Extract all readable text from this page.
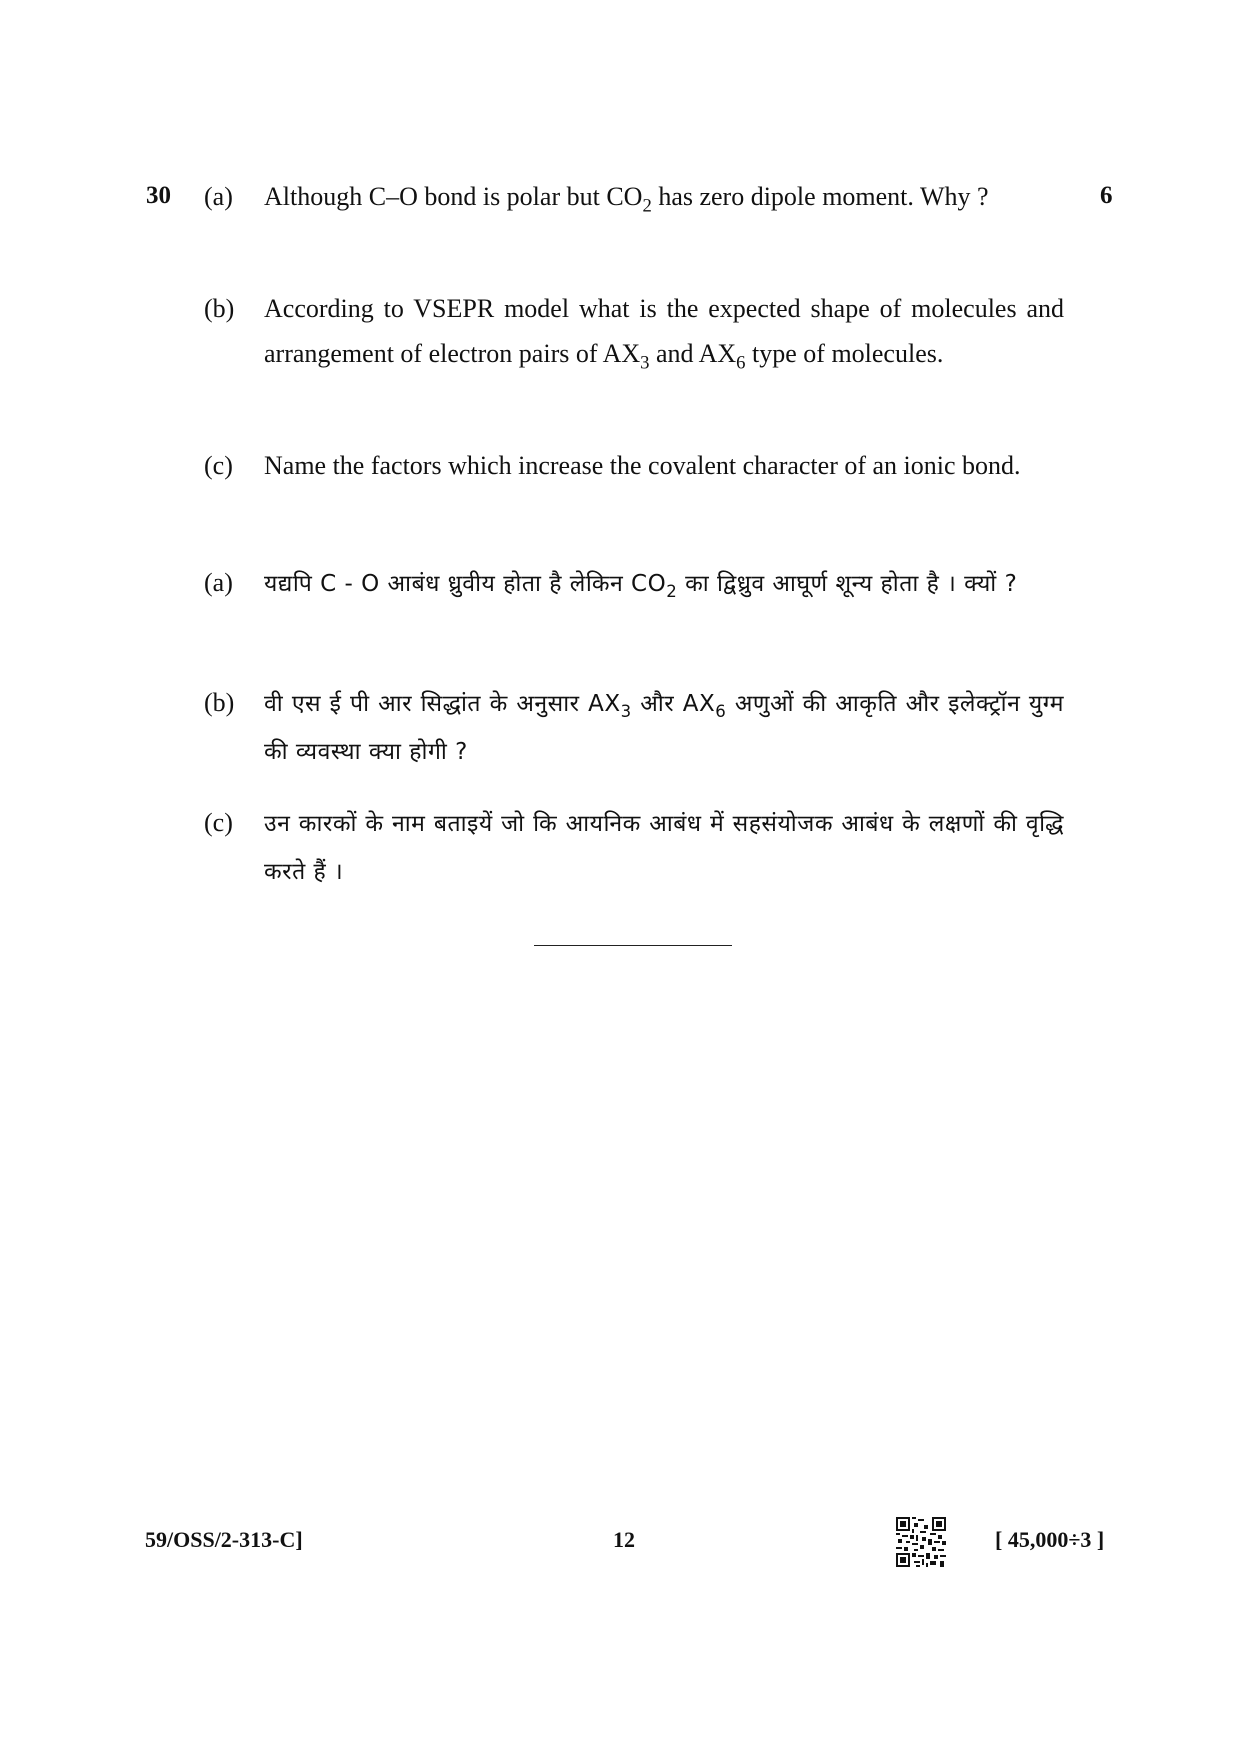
30	6
(a) Although C–O bond is polar but $CO_2$ has zero dipole moment. Why ?
(b) According to VSEPR model what is the expected shape of molecules and arrangement of electron pairs of $AX_3$ and $AX_6$ type of molecules.
(c) Name the factors which increase the covalent character of an ionic bond.
(a) यद्यपि C - O आबंध ध्रुवीय होता है लेकिन $CO_2$ का द्विध्रुव आघूर्ण शून्य होता है । क्यों ?
(b) वी एस ई पी आर सिद्धांत के अनुसार $AX_3$ और $AX_6$ अणुओं की आकृति और इलेक्ट्रॉन युग्म की व्यवस्था क्या होगी ?
(c) उन कारकों के नाम बताइयें जो कि आयनिक आबंध में सहसंयोजक आबंध के लक्षणों की वृद्धि करते हैं ।
59/OSS/2-313-C]	12	[ 45,000÷3 ]
